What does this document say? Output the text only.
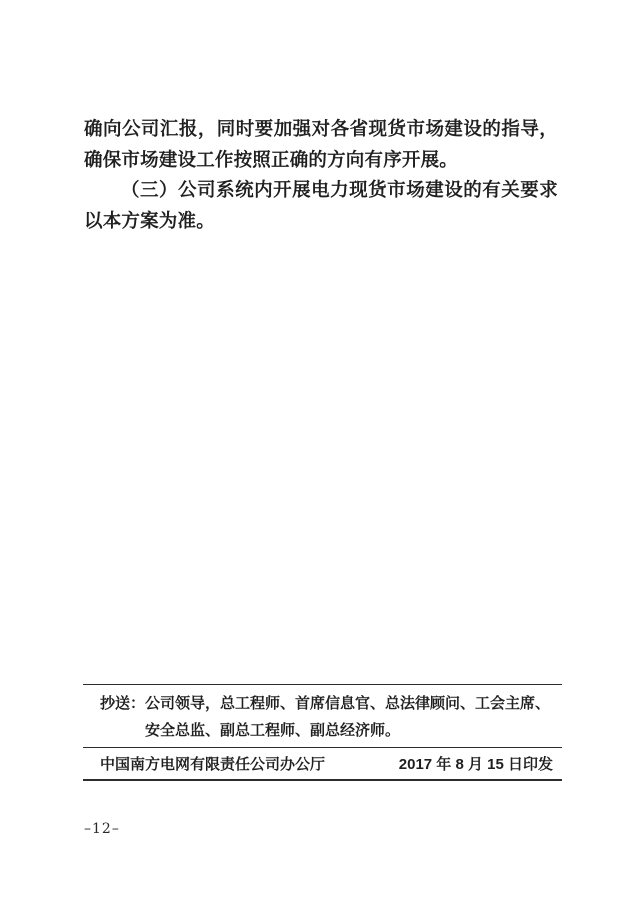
确向公司汇报，同时要加强对各省现货市场建设的指导，确保市场建设工作按照正确的方向有序开展。

（三）公司系统内开展电力现货市场建设的有关要求以本方案为准。

抄送： 公司领导，总工程师、首席信息官、总法律顾问、工会主席、安全总监、副总工程师、副总经济师。
中国南方电网有限责任公司办公厅	2017 年 8 月 15 日印发
–12–
